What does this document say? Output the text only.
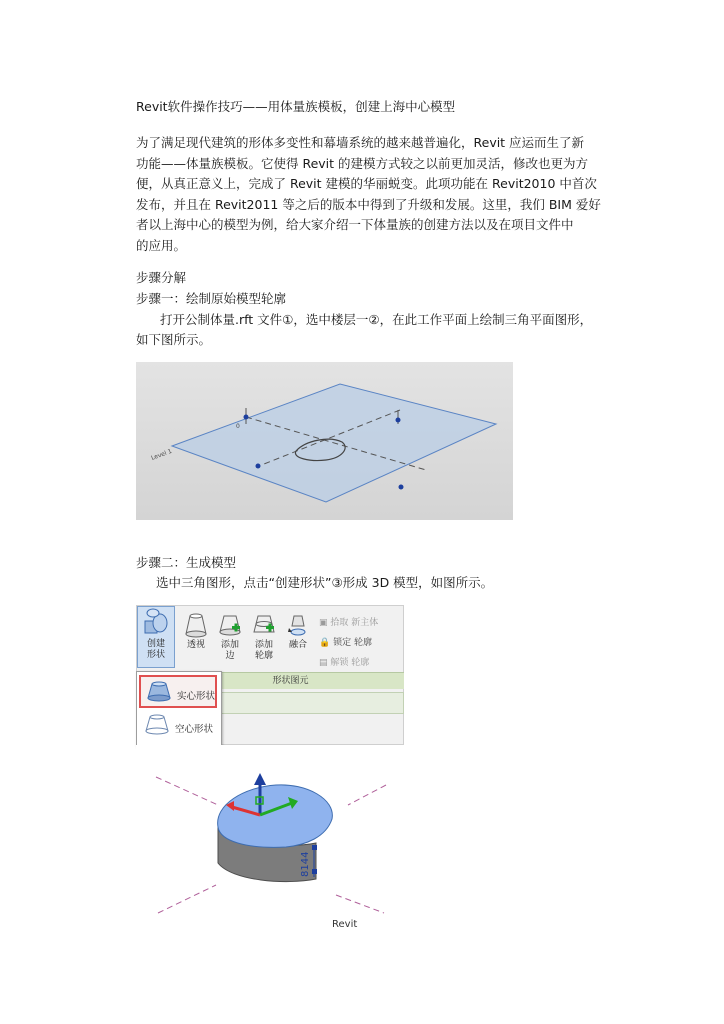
Revit软件操作技巧——用体量族模板，创建上海中心模型
为了满足现代建筑的形体多变性和幕墙系统的越来越普遍化，Revit 应运而生了新
功能——体量族模板。它使得 Revit 的建模方式较之以前更加灵活，修改也更为方
便，从真正意义上，完成了 Revit 建模的华丽蜕变。此项功能在 Revit2010 中首次
发布，并且在 Revit2011 等之后的版本中得到了升级和发展。这里，我们 BIM 爱好
者以上海中心的模型为例，给大家介绍一下体量族的创建方法以及在项目文件中
的应用。
步骤分解
步骤一：绘制原始模型轮廓
打开公制体量.rft 文件①，选中楼层一②，在此工作平面上绘制三角平面图形，
如下图所示。
Level 1
0
步骤二：生成模型
选中三角图形，点击“创建形状”③形成 3D 模型，如图所示。
创建
形状
透视	添加
边
添加
轮廓
融合
▣ 拾取 新主体
🔒 锁定 轮廓
▤ 解锁 轮廓
形状图元
实心形状
空心形状
8144
Revit
